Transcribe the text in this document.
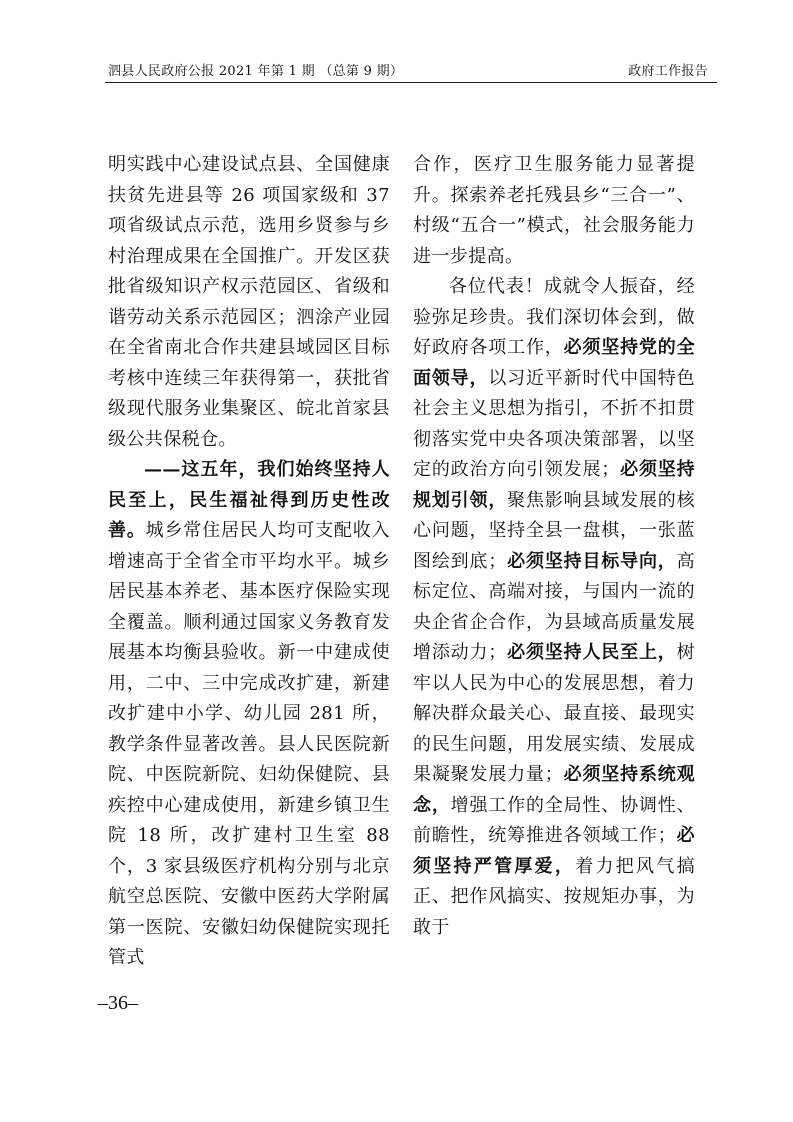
泗县人民政府公报 2021 年第 1 期 （总第 9 期）	政府工作报告

明实践中心建设试点县、全国健康扶贫先进县等 26 项国家级和 37 项省级试点示范，选用乡贤参与乡村治理成果在全国推广。开发区获批省级知识产权示范园区、省级和谐劳动关系示范园区；泗涂产业园在全省南北合作共建县域园区目标考核中连续三年获得第一，获批省级现代服务业集聚区、皖北首家县级公共保税仓。

——这五年，我们始终坚持人民至上，民生福祉得到历史性改善。城乡常住居民人均可支配收入增速高于全省全市平均水平。城乡居民基本养老、基本医疗保险实现全覆盖。顺利通过国家义务教育发展基本均衡县验收。新一中建成使用，二中、三中完成改扩建，新建改扩建中小学、幼儿园 281 所，教学条件显著改善。县人民医院新院、中医院新院、妇幼保健院、县疾控中心建成使用，新建乡镇卫生院 18 所，改扩建村卫生室 88 个，3 家县级医疗机构分别与北京航空总医院、安徽中医药大学附属第一医院、安徽妇幼保健院实现托管式

合作，医疗卫生服务能力显著提升。探索养老托残县乡“三合一”、村级“五合一”模式，社会服务能力进一步提高。

各位代表！成就令人振奋，经验弥足珍贵。我们深切体会到，做好政府各项工作，必须坚持党的全面领导，以习近平新时代中国特色社会主义思想为指引，不折不扣贯彻落实党中央各项决策部署，以坚定的政治方向引领发展；必须坚持规划引领，聚焦影响县域发展的核心问题，坚持全县一盘棋，一张蓝图绘到底；必须坚持目标导向，高标定位、高端对接，与国内一流的央企省企合作，为县域高质量发展增添动力；必须坚持人民至上，树牢以人民为中心的发展思想，着力解决群众最关心、最直接、最现实的民生问题，用发展实绩、发展成果凝聚发展力量；必须坚持系统观念，增强工作的全局性、协调性、前瞻性，统筹推进各领域工作；必须坚持严管厚爱，着力把风气搞正、把作风搞实、按规矩办事，为敢于

–36–
